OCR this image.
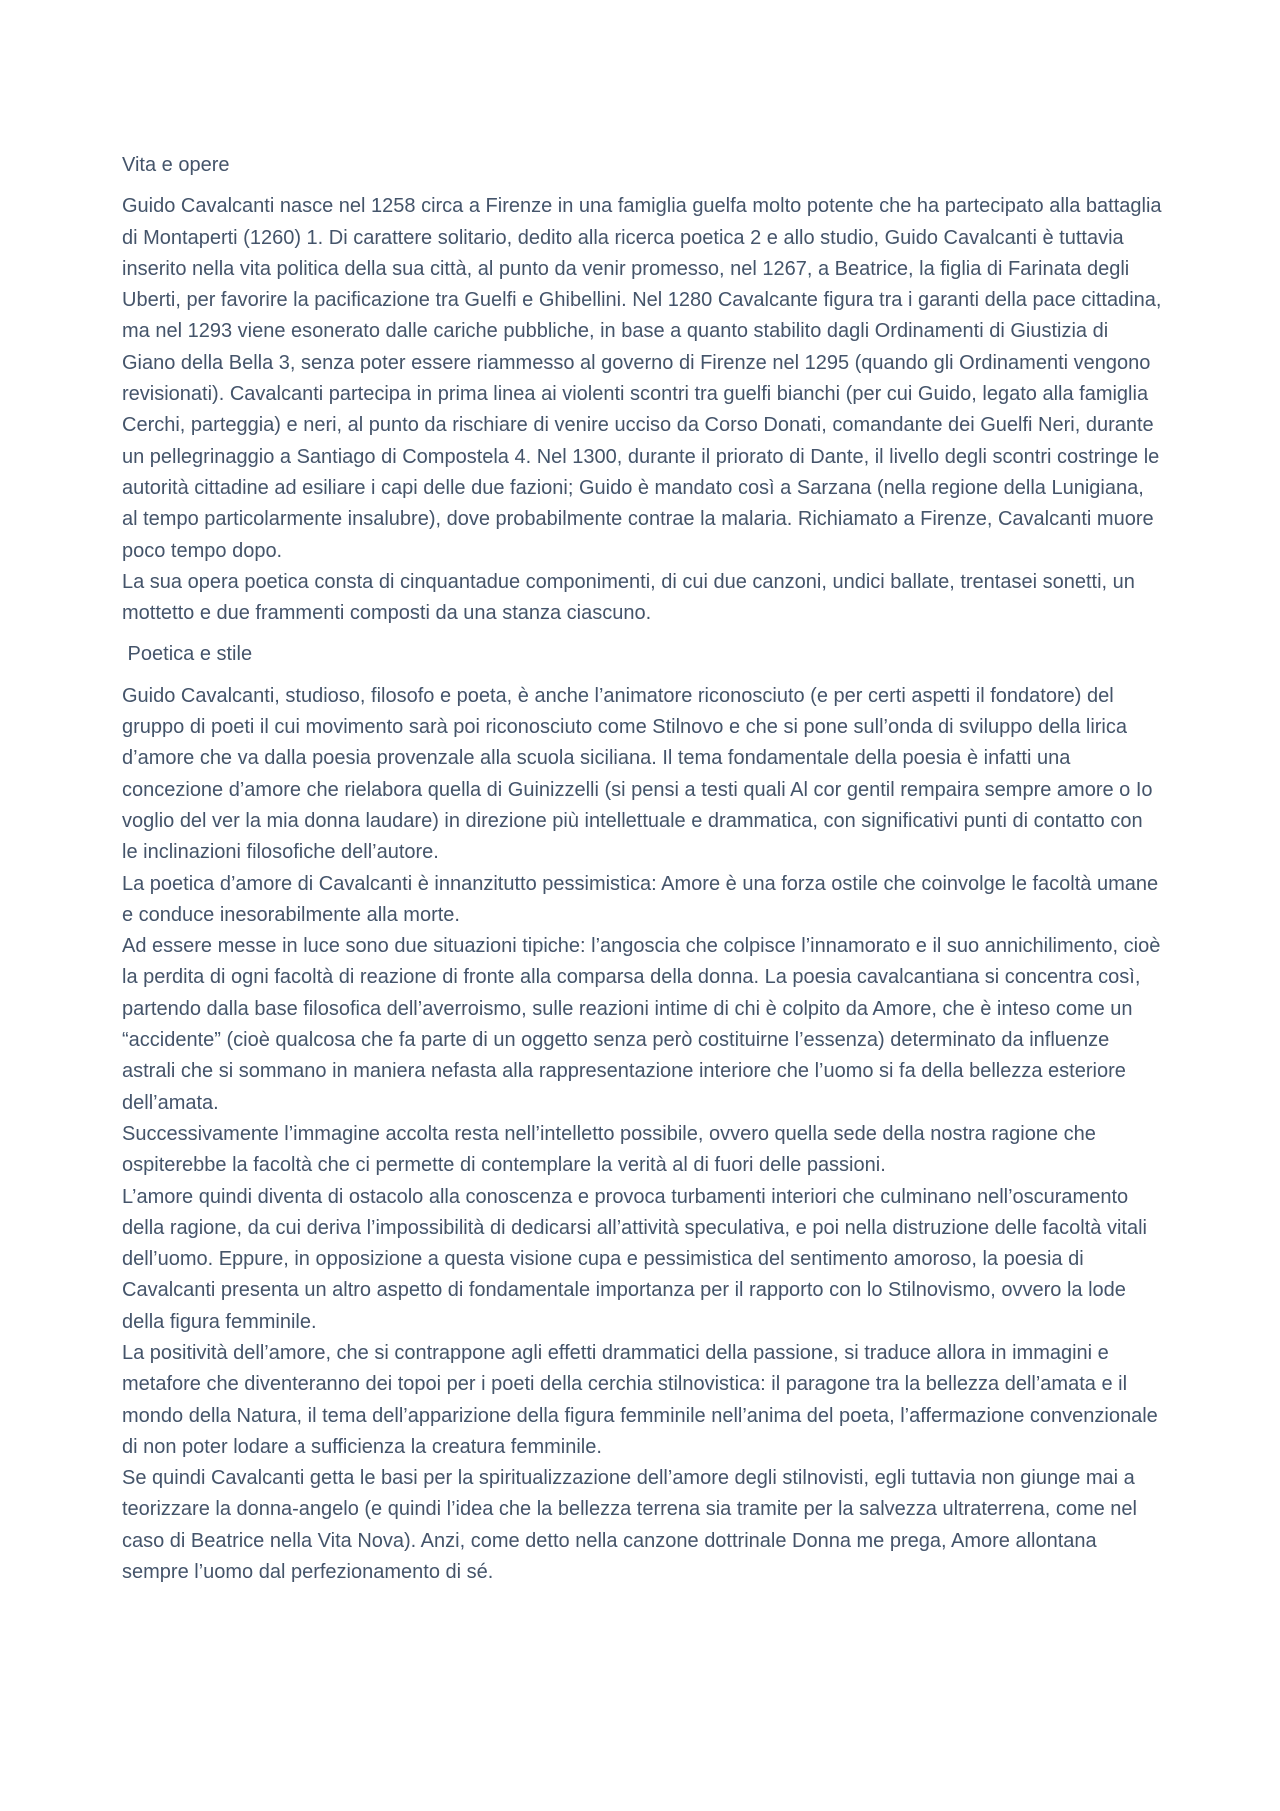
Vita e opere
Guido Cavalcanti nasce nel 1258 circa a Firenze in una famiglia guelfa molto potente che ha partecipato alla battaglia di Montaperti (1260) 1. Di carattere solitario, dedito alla ricerca poetica 2 e allo studio, Guido Cavalcanti è tuttavia inserito nella vita politica della sua città, al punto da venir promesso, nel 1267, a Beatrice, la figlia di Farinata degli Uberti, per favorire la pacificazione tra Guelfi e Ghibellini. Nel 1280 Cavalcante figura tra i garanti della pace cittadina, ma nel 1293 viene esonerato dalle cariche pubbliche, in base a quanto stabilito dagli Ordinamenti di Giustizia di Giano della Bella 3, senza poter essere riammesso al governo di Firenze nel 1295 (quando gli Ordinamenti vengono revisionati). Cavalcanti partecipa in prima linea ai violenti scontri tra guelfi bianchi (per cui Guido, legato alla famiglia Cerchi, parteggia) e neri, al punto da rischiare di venire ucciso da Corso Donati, comandante dei Guelfi Neri, durante un pellegrinaggio a Santiago di Compostela 4. Nel 1300, durante il priorato di Dante, il livello degli scontri costringe le autorità cittadine ad esiliare i capi delle due fazioni; Guido è mandato così a Sarzana (nella regione della Lunigiana, al tempo particolarmente insalubre), dove probabilmente contrae la malaria. Richiamato a Firenze, Cavalcanti muore poco tempo dopo.
La sua opera poetica consta di cinquantadue componimenti, di cui due canzoni, undici ballate, trentasei sonetti, un mottetto e due frammenti composti da una stanza ciascuno.
Poetica e stile
Guido Cavalcanti, studioso, filosofo e poeta, è anche l’animatore riconosciuto (e per certi aspetti il fondatore) del gruppo di poeti il cui movimento sarà poi riconosciuto come Stilnovo e che si pone sull’onda di sviluppo della lirica d’amore che va dalla poesia provenzale alla scuola siciliana. Il tema fondamentale della poesia è infatti una concezione d’amore che rielabora quella di Guinizzelli (si pensi a testi quali Al cor gentil rempaira sempre amore o Io voglio del ver la mia donna laudare) in direzione più intellettuale e drammatica, con significativi punti di contatto con le inclinazioni filosofiche dell’autore.
La poetica d’amore di Cavalcanti è innanzitutto pessimistica: Amore è una forza ostile che coinvolge le facoltà umane e conduce inesorabilmente alla morte.
Ad essere messe in luce sono due situazioni tipiche: l’angoscia che colpisce l’innamorato e il suo annichilimento, cioè la perdita di ogni facoltà di reazione di fronte alla comparsa della donna. La poesia cavalcantiana si concentra così, partendo dalla base filosofica dell’averroismo, sulle reazioni intime di chi è colpito da Amore, che è inteso come un “accidente” (cioè qualcosa che fa parte di un oggetto senza però costituirne l’essenza) determinato da influenze astrali che si sommano in maniera nefasta alla rappresentazione interiore che l’uomo si fa della bellezza esteriore dell’amata.
Successivamente l’immagine accolta resta nell’intelletto possibile, ovvero quella sede della nostra ragione che ospiterebbe la facoltà che ci permette di contemplare la verità al di fuori delle passioni.
L’amore quindi diventa di ostacolo alla conoscenza e provoca turbamenti interiori che culminano nell’oscuramento della ragione, da cui deriva l’impossibilità di dedicarsi all’attività speculativa, e poi nella distruzione delle facoltà vitali dell’uomo. Eppure, in opposizione a questa visione cupa e pessimistica del sentimento amoroso, la poesia di Cavalcanti presenta un altro aspetto di fondamentale importanza per il rapporto con lo Stilnovismo, ovvero la lode della figura femminile.
La positività dell’amore, che si contrappone agli effetti drammatici della passione, si traduce allora in immagini e metafore che diventeranno dei topoi per i poeti della cerchia stilnovistica: il paragone tra la bellezza dell’amata e il mondo della Natura, il tema dell’apparizione della figura femminile nell’anima del poeta, l’affermazione convenzionale di non poter lodare a sufficienza la creatura femminile.
Se quindi Cavalcanti getta le basi per la spiritualizzazione dell’amore degli stilnovisti, egli tuttavia non giunge mai a teorizzare la donna-angelo (e quindi l’idea che la bellezza terrena sia tramite per la salvezza ultraterrena, come nel caso di Beatrice nella Vita Nova). Anzi, come detto nella canzone dottrinale Donna me prega, Amore allontana sempre l’uomo dal perfezionamento di sé.
